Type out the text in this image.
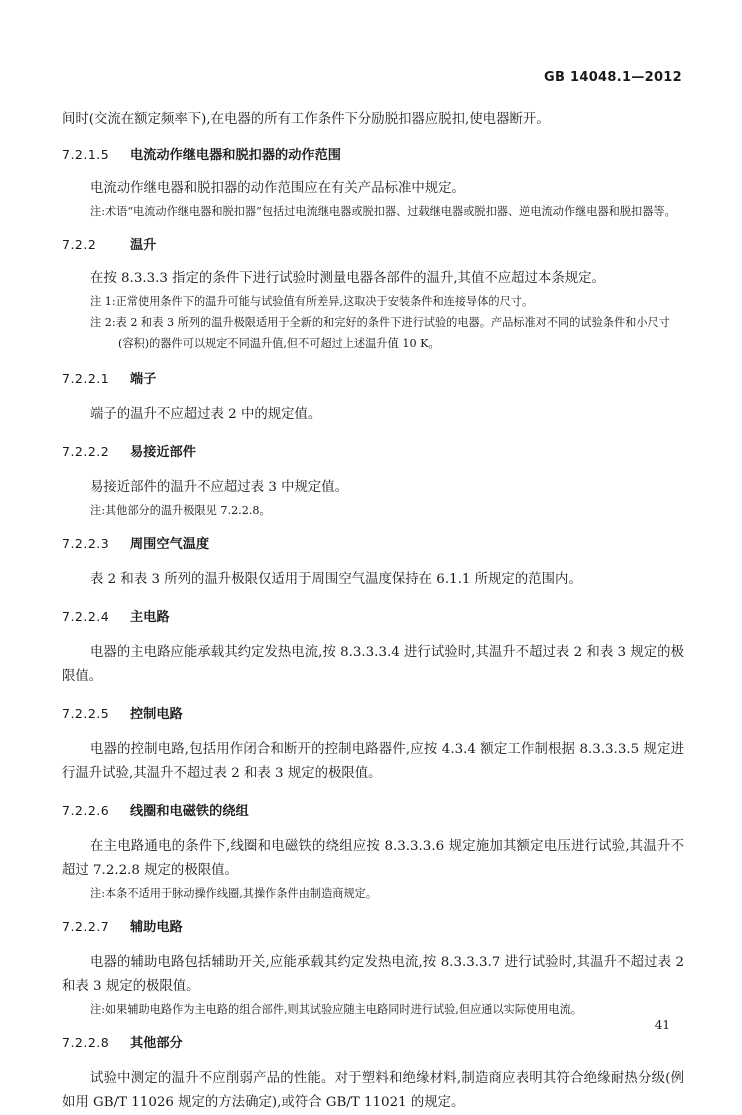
GB 14048.1—2012

间时(交流在额定频率下),在电器的所有工作条件下分励脱扣器应脱扣,使电器断开。

7.2.1.5 电流动作继电器和脱扣器的动作范围

电流动作继电器和脱扣器的动作范围应在有关产品标准中规定。

注:术语“电流动作继电器和脱扣器”包括过电流继电器或脱扣器、过载继电器或脱扣器、逆电流动作继电器和脱扣器等。

7.2.2	温升

在按 8.3.3.3 指定的条件下进行试验时测量电器各部件的温升,其值不应超过本条规定。

注 1:正常使用条件下的温升可能与试验值有所差异,这取决于安装条件和连接导体的尺寸。

注 2:表 2 和表 3 所列的温升极限适用于全新的和完好的条件下进行试验的电器。产品标准对不同的试验条件和小尺寸(容积)的器件可以规定不同温升值,但不可超过上述温升值 10 K。

7.2.2.1 端子

端子的温升不应超过表 2 中的规定值。

7.2.2.2 易接近部件

易接近部件的温升不应超过表 3 中规定值。

注:其他部分的温升极限见 7.2.2.8。

7.2.2.3 周围空气温度

表 2 和表 3 所列的温升极限仅适用于周围空气温度保持在 6.1.1 所规定的范围内。

7.2.2.4 主电路

电器的主电路应能承载其约定发热电流,按 8.3.3.3.4 进行试验时,其温升不超过表 2 和表 3 规定的极限值。

7.2.2.5 控制电路

电器的控制电路,包括用作闭合和断开的控制电路器件,应按 4.3.4 额定工作制根据 8.3.3.3.5 规定进行温升试验,其温升不超过表 2 和表 3 规定的极限值。

7.2.2.6 线圈和电磁铁的绕组

在主电路通电的条件下,线圈和电磁铁的绕组应按 8.3.3.3.6 规定施加其额定电压进行试验,其温升不超过 7.2.2.8 规定的极限值。

注:本条不适用于脉动操作线圈,其操作条件由制造商规定。

7.2.2.7 辅助电路

电器的辅助电路包括辅助开关,应能承载其约定发热电流,按 8.3.3.3.7 进行试验时,其温升不超过表 2 和表 3 规定的极限值。

注:如果辅助电路作为主电路的组合部件,则其试验应随主电路同时进行试验,但应通以实际使用电流。

7.2.2.8 其他部分

试验中测定的温升不应削弱产品的性能。对于塑料和绝缘材料,制造商应表明其符合绝缘耐热分级(例如用 GB/T 11026 规定的方法确定),或符合 GB/T 11021 的规定。

41
